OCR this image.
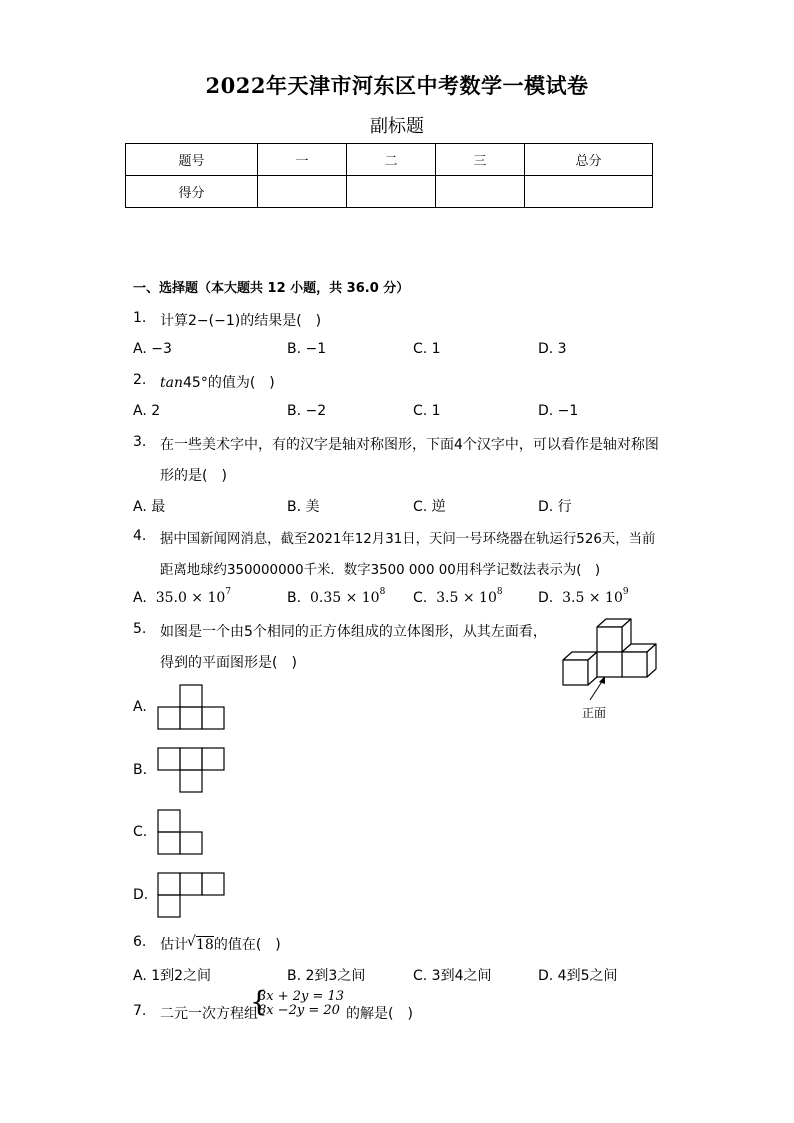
2022年天津市河东区中考数学一模试卷
副标题
题号	一	二	三	总分
得分				
一、选择题（本大题共 12 小题，共 36.0 分）
1. 计算2−(−1)的结果是(　)
A. −3	B. −1	C. 1	D. 3
2. tan45°的值为(　)
A. 2	B. −2	C. 1	D. −1
3. 在一些美术字中，有的汉字是轴对称图形，下面4个汉字中，可以看作是轴对称图
形的是(　)
A. 最	B. 美	C. 逆	D. 行
4. 据中国新闻网消息，截至2021年12月31日，天问一号环绕器在轨运行526天，当前
距离地球约350000000千米．数字3500 000 00用科学记数法表示为(　)
A. $35.0 \times 10^7$	B. $0.35 \times 10^8$ C. $3.5 \times 10^8$	D. $3.5 \times 10^9$
5. 如图是一个由5个相同的正方体组成的立体图形，从其左面看，
得到的平面图形是(　)
正面
A.
B.
C.
D.
6. 估计 √ 18的值在(　)
A. 1到2之间	B. 2到3之间	C. 3到4之间	D. 4到5之间
7. 二元一次方程组
{
3x + 2y = 13
8x −2y = 20 的解是(　)
